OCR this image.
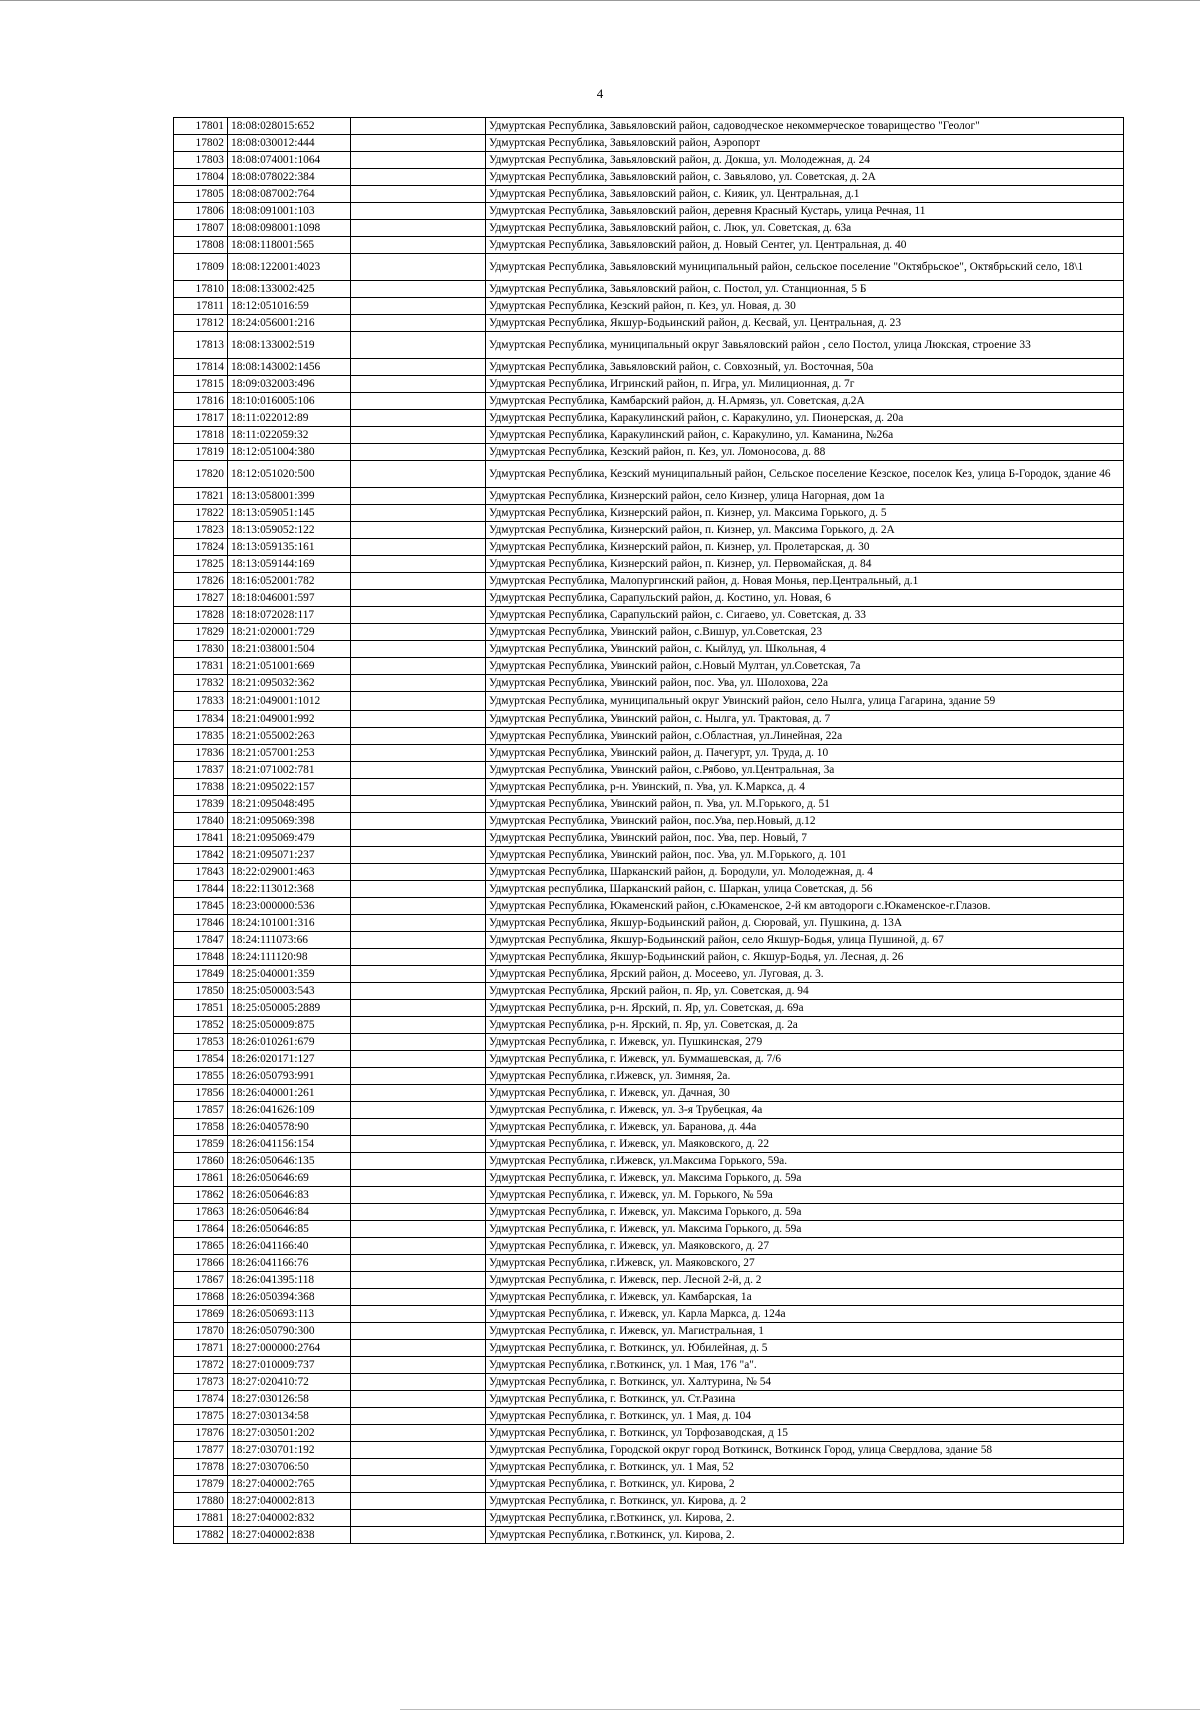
4
17801	18:08:028015:652		Удмуртская Республика, Завьяловский район, садоводческое некоммерческое товарищество "Геолог"
17802	18:08:030012:444		Удмуртская Республика, Завьяловский район, Аэропорт
17803	18:08:074001:1064		Удмуртская Республика, Завьяловский район, д. Докша, ул. Молодежная, д. 24
17804	18:08:078022:384		Удмуртская Республика, Завьяловский район, с. Завьялово, ул. Советская, д. 2А
17805	18:08:087002:764		Удмуртская Республика, Завьяловский район, с. Кияик, ул. Центральная, д.1
17806	18:08:091001:103		Удмуртская Республика, Завьяловский район, деревня Красный Кустарь, улица Речная, 11
17807	18:08:098001:1098		Удмуртская Республика, Завьяловский район, с. Люк, ул. Советская, д. 63а
17808	18:08:118001:565		Удмуртская Республика, Завьяловский район, д. Новый Сентег, ул. Центральная, д. 40
17809	18:08:122001:4023		Удмуртская Республика, Завьяловский муниципальный район, сельское поселение "Октябрьское", Октябрьский село, 18\1
17810	18:08:133002:425		Удмуртская Республика, Завьяловский район, с. Постол, ул. Станционная, 5 Б
17811	18:12:051016:59		Удмуртская Республика, Кезский район, п. Кез, ул. Новая, д. 30
17812	18:24:056001:216		Удмуртская Республика, Якшур-Бодьинский район, д. Кесвай, ул. Центральная, д. 23
17813	18:08:133002:519		Удмуртская Республика, муниципальный округ Завьяловский район , село Постол, улица Люкская, строение 33
17814	18:08:143002:1456		Удмуртская Республика, Завьяловский район, с. Совхозный, ул. Восточная, 50а
17815	18:09:032003:496		Удмуртская Республика, Игринский район, п. Игра, ул. Милиционная, д. 7г
17816	18:10:016005:106		Удмуртская Республика, Камбарский район, д. Н.Армязь, ул. Советская, д.2А
17817	18:11:022012:89		Удмуртская Республика, Каракулинский район, с. Каракулино, ул. Пионерская, д. 20а
17818	18:11:022059:32		Удмуртская Республика, Каракулинский район, с. Каракулино, ул. Каманина, №26а
17819	18:12:051004:380		Удмуртская Республика, Кезский район, п. Кез, ул. Ломоносова, д. 88
17820	18:12:051020:500		Удмуртская Республика, Кезский муниципальный район, Сельское поселение Кезское, поселок Кез, улица Б-Городок, здание 46
17821	18:13:058001:399		Удмуртская Республика, Кизнерский район, село Кизнер, улица Нагорная, дом 1а
17822	18:13:059051:145		Удмуртская Республика, Кизнерский район, п. Кизнер, ул. Максима Горького, д. 5
17823	18:13:059052:122		Удмуртская Республика, Кизнерский район, п. Кизнер, ул. Максима Горького, д. 2А
17824	18:13:059135:161		Удмуртская Республика, Кизнерский район, п. Кизнер, ул. Пролетарская, д. 30
17825	18:13:059144:169		Удмуртская Республика, Кизнерский район, п. Кизнер, ул. Первомайская, д. 84
17826	18:16:052001:782		Удмуртская Республика, Малопургинский район, д. Новая Монья, пер.Центральный, д.1
17827	18:18:046001:597		Удмуртская Республика, Сарапульский район, д. Костино, ул. Новая, 6
17828	18:18:072028:117		Удмуртская Республика, Сарапульский район, с. Сигаево, ул. Советская, д. 33
17829	18:21:020001:729		Удмуртская Республика, Увинский район, с.Вишур, ул.Советская, 23
17830	18:21:038001:504		Удмуртская Республика, Увинский район, с. Кыйлуд, ул. Школьная, 4
17831	18:21:051001:669		Удмуртская Республика, Увинский район, с.Новый Мултан, ул.Советская, 7а
17832	18:21:095032:362		Удмуртская Республика, Увинский район, пос. Ува, ул. Шолохова, 22а
17833	18:21:049001:1012		Удмуртская Республика, муниципальный округ Увинский район, село Нылга, улица Гагарина, здание 59
17834	18:21:049001:992		Удмуртская Республика, Увинский район, с. Нылга, ул. Трактовая, д. 7
17835	18:21:055002:263		Удмуртская Республика, Увинский район, с.Областная, ул.Линейная, 22а
17836	18:21:057001:253		Удмуртская Республика, Увинский район, д. Пачегурт, ул. Труда, д. 10
17837	18:21:071002:781		Удмуртская Республика, Увинский район, с.Рябово, ул.Центральная, 3а
17838	18:21:095022:157		Удмуртская Республика, р-н. Увинский, п. Ува, ул. К.Маркса, д. 4
17839	18:21:095048:495		Удмуртская Республика, Увинский район, п. Ува, ул. М.Горького, д. 51
17840	18:21:095069:398		Удмуртская Республика, Увинский район, пос.Ува, пер.Новый, д.12
17841	18:21:095069:479		Удмуртская Республика, Увинский район, пос. Ува, пер. Новый, 7
17842	18:21:095071:237		Удмуртская Республика, Увинский район, пос. Ува, ул. М.Горького, д. 101
17843	18:22:029001:463		Удмуртская Республика, Шарканский район, д. Бородули, ул. Молодежная, д. 4
17844	18:22:113012:368		Удмуртская республика, Шарканский район, с. Шаркан, улица Советская, д. 56
17845	18:23:000000:536		Удмуртская Республика, Юкаменский район, с.Юкаменское, 2-й км автодороги с.Юкаменское-г.Глазов.
17846	18:24:101001:316		Удмуртская Республика, Якшур-Бодьинский район, д. Сюровай, ул. Пушкина, д. 13А
17847	18:24:111073:66		Удмуртская Республика, Якшур-Бодьинский район, село Якшур-Бодья, улица Пушиной, д. 67
17848	18:24:111120:98		Удмуртская Республика, Якшур-Бодьинский район, с. Якшур-Бодья, ул. Лесная, д. 26
17849	18:25:040001:359		Удмуртская Республика, Ярский район, д. Мосеево, ул. Луговая, д. 3.
17850	18:25:050003:543		Удмуртская Республика, Ярский район, п. Яр, ул. Советская, д. 94
17851	18:25:050005:2889		Удмуртская Республика, р-н. Ярский, п. Яр, ул. Советская, д. 69а
17852	18:25:050009:875		Удмуртская Республика, р-н. Ярский, п. Яр, ул. Советская, д. 2а
17853	18:26:010261:679		Удмуртская Республика, г. Ижевск, ул. Пушкинская, 279
17854	18:26:020171:127		Удмуртская Республика, г. Ижевск, ул. Буммашевская, д. 7/6
17855	18:26:050793:991		Удмуртская Республика, г.Ижевск, ул. Зимняя, 2а.
17856	18:26:040001:261		Удмуртская Республика, г. Ижевск, ул. Дачная, 30
17857	18:26:041626:109		Удмуртская Республика, г. Ижевск, ул. 3-я Трубецкая, 4а
17858	18:26:040578:90		Удмуртская Республика, г. Ижевск, ул. Баранова, д. 44а
17859	18:26:041156:154		Удмуртская Республика, г. Ижевск, ул. Маяковского, д. 22
17860	18:26:050646:135		Удмуртская Республика, г.Ижевск, ул.Максима Горького, 59а.
17861	18:26:050646:69		Удмуртская Республика, г. Ижевск, ул. Максима Горького, д. 59а
17862	18:26:050646:83		Удмуртская Республика, г. Ижевск, ул. М. Горького, № 59а
17863	18:26:050646:84		Удмуртская Республика, г. Ижевск, ул. Максима Горького, д. 59а
17864	18:26:050646:85		Удмуртская Республика, г. Ижевск, ул. Максима Горького, д. 59а
17865	18:26:041166:40		Удмуртская Республика, г. Ижевск, ул. Маяковского, д. 27
17866	18:26:041166:76		Удмуртская Республика, г.Ижевск, ул. Маяковского, 27
17867	18:26:041395:118		Удмуртская Республика, г. Ижевск, пер. Лесной 2-й, д. 2
17868	18:26:050394:368		Удмуртская Республика, г. Ижевск, ул. Камбарская, 1а
17869	18:26:050693:113		Удмуртская Республика, г. Ижевск, ул. Карла Маркса, д. 124а
17870	18:26:050790:300		Удмуртская Республика, г. Ижевск, ул. Магистральная, 1
17871	18:27:000000:2764		Удмуртская Республика, г. Воткинск, ул. Юбилейная, д. 5
17872	18:27:010009:737		Удмуртская Республика, г.Воткинск, ул. 1 Мая, 176 "а".
17873	18:27:020410:72		Удмуртская Республика, г. Воткинск, ул. Халтурина, № 54
17874	18:27:030126:58		Удмуртская Республика, г. Воткинск, ул. Ст.Разина
17875	18:27:030134:58		Удмуртская Республика, г. Воткинск, ул. 1 Мая, д. 104
17876	18:27:030501:202		Удмуртская Республика, г. Воткинск, ул Торфозаводская, д 15
17877	18:27:030701:192		Удмуртская Республика, Городской округ город Воткинск, Воткинск Город, улица Свердлова, здание 58
17878	18:27:030706:50		Удмуртская Республика, г. Воткинск, ул. 1 Мая, 52
17879	18:27:040002:765		Удмуртская Республика, г. Воткинск, ул. Кирова, 2
17880	18:27:040002:813		Удмуртская Республика, г. Воткинск, ул. Кирова, д. 2
17881	18:27:040002:832		Удмуртская Республика, г.Воткинск, ул. Кирова, 2.
17882	18:27:040002:838		Удмуртская Республика, г.Воткинск, ул. Кирова, 2.
